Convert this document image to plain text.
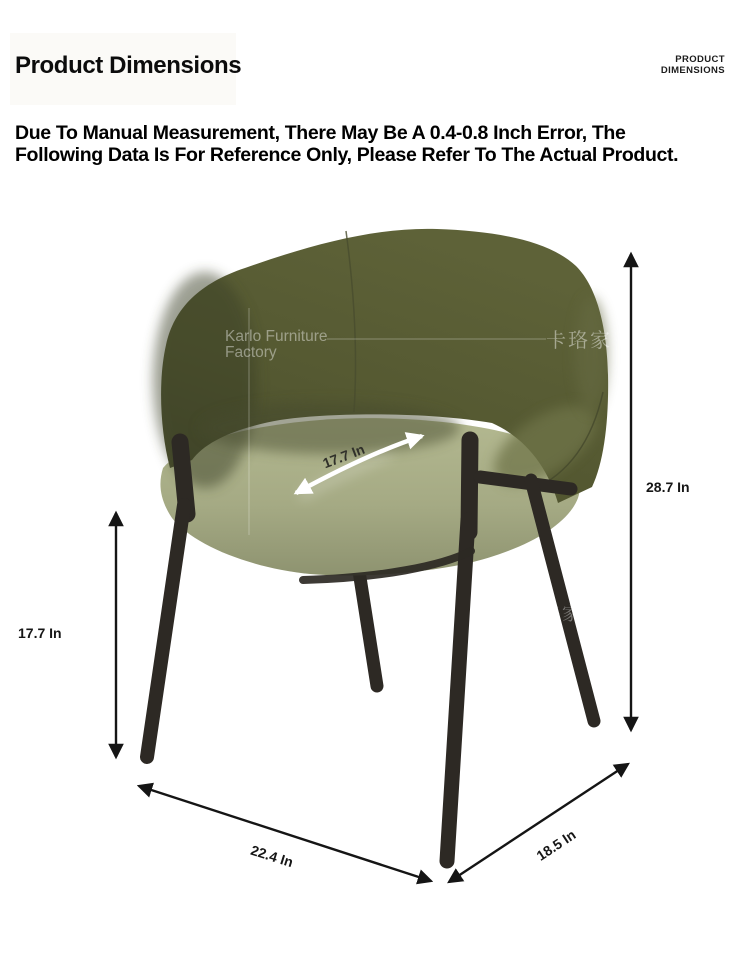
Product Dimensions	PRODUCT
DIMENSIONS

Due To Manual Measurement, There May Be A 0.4-0.8 Inch Error, The
Following Data Is For Reference Only, Please Refer To The Actual Product.

Karlo Furniture
Factory
卡珞家
珞家
17.7 In
28.7 In
17.7 In
22.4 In	18.5 In
